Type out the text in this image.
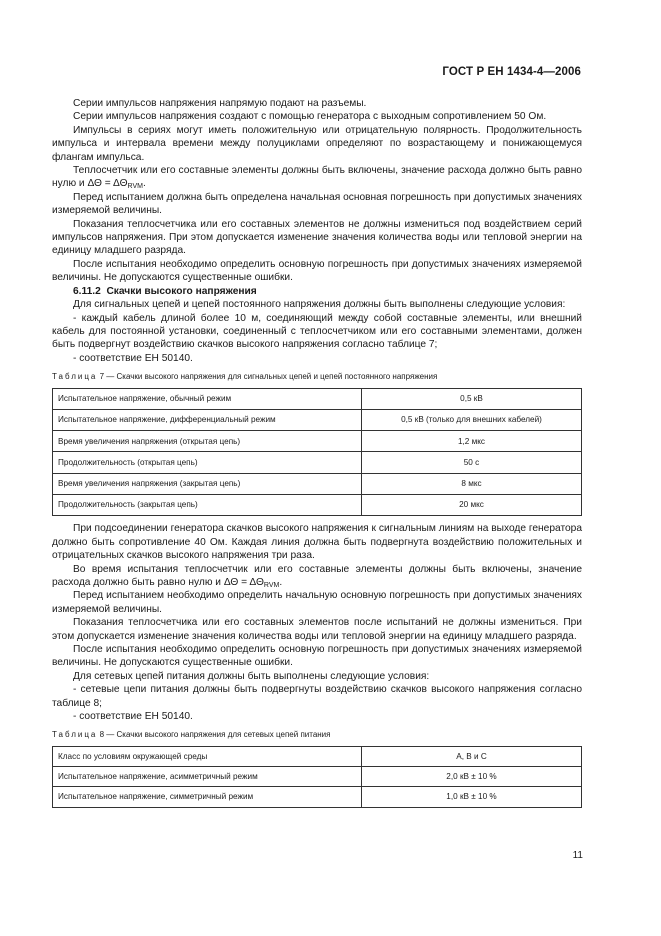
ГОСТ Р ЕН 1434-4—2006

Серии импульсов напряжения напрямую подают на разъемы.

Серии импульсов напряжения создают с помощью генератора с выходным сопротивлением 50 Ом.

Импульсы в сериях могут иметь положительную или отрицательную полярность. Продолжительность импульса и интервала времени между полуциклами определяют по возрастающему и понижающемуся флангам импульса.

Теплосчетчик или его составные элементы должны быть включены, значение расхода должно быть равно нулю и $\Delta\Theta = \Delta\Theta_{RVM}$.

Перед испытанием должна быть определена начальная основная погрешность при допустимых значениях измеряемой величины.

Показания теплосчетчика или его составных элементов не должны измениться под воздействием серий импульсов напряжения. При этом допускается изменение значения количества воды или тепловой энергии на единицу младшего разряда.

После испытания необходимо определить основную погрешность при допустимых значениях измеряемой величины. Не допускаются существенные ошибки.

6.11.2 Скачки высокого напряжения

Для сигнальных цепей и цепей постоянного напряжения должны быть выполнены следующие условия:

- каждый кабель длиной более 10 м, соединяющий между собой составные элементы, или внешний кабель для постоянной установки, соединенный с теплосчетчиком или его составными элементами, должен быть подвергнут воздействию скачков высокого напряжения согласно таблице 7;

- соответствие ЕН 50140.

Таблица 7 — Скачки высокого напряжения для сигнальных цепей и цепей постоянного напряжения
Испытательное напряжение, обычный режим	0,5 кВ
Испытательное напряжение, дифференциальный режим	0,5 кВ (только для внешних кабелей)
Время увеличения напряжения (открытая цепь)	1,2 мкс
Продолжительность (открытая цепь)	50 с
Время увеличения напряжения (закрытая цепь)	8 мкс
Продолжительность (закрытая цепь)	20 мкс

При подсоединении генератора скачков высокого напряжения к сигнальным линиям на выходе генератора должно быть сопротивление 40 Ом. Каждая линия должна быть подвергнута воздействию положительных и отрицательных скачков высокого напряжения три раза.

Во время испытания теплосчетчик или его составные элементы должны быть включены, значение расхода должно быть равно нулю и $\Delta\Theta = \Delta\Theta_{RVM}$.

Перед испытанием необходимо определить начальную основную погрешность при допустимых значениях измеряемой величины.

Показания теплосчетчика или его составных элементов после испытаний не должны измениться. При этом допускается изменение значения количества воды или тепловой энергии на единицу младшего разряда.

После испытания необходимо определить основную погрешность при допустимых значениях измеряемой величины. Не допускаются существенные ошибки.

Для сетевых цепей питания должны быть выполнены следующие условия:

- сетевые цепи питания должны быть подвергнуты воздействию скачков высокого напряжения согласно таблице 8;

- соответствие ЕН 50140.

Таблица 8 — Скачки высокого напряжения для сетевых цепей питания
Класс по условиям окружающей среды	А, В и С
Испытательное напряжение, асимметричный режим	2,0 кВ ± 10 %
Испытательное напряжение, симметричный режим	1,0 кВ ± 10 %
11
